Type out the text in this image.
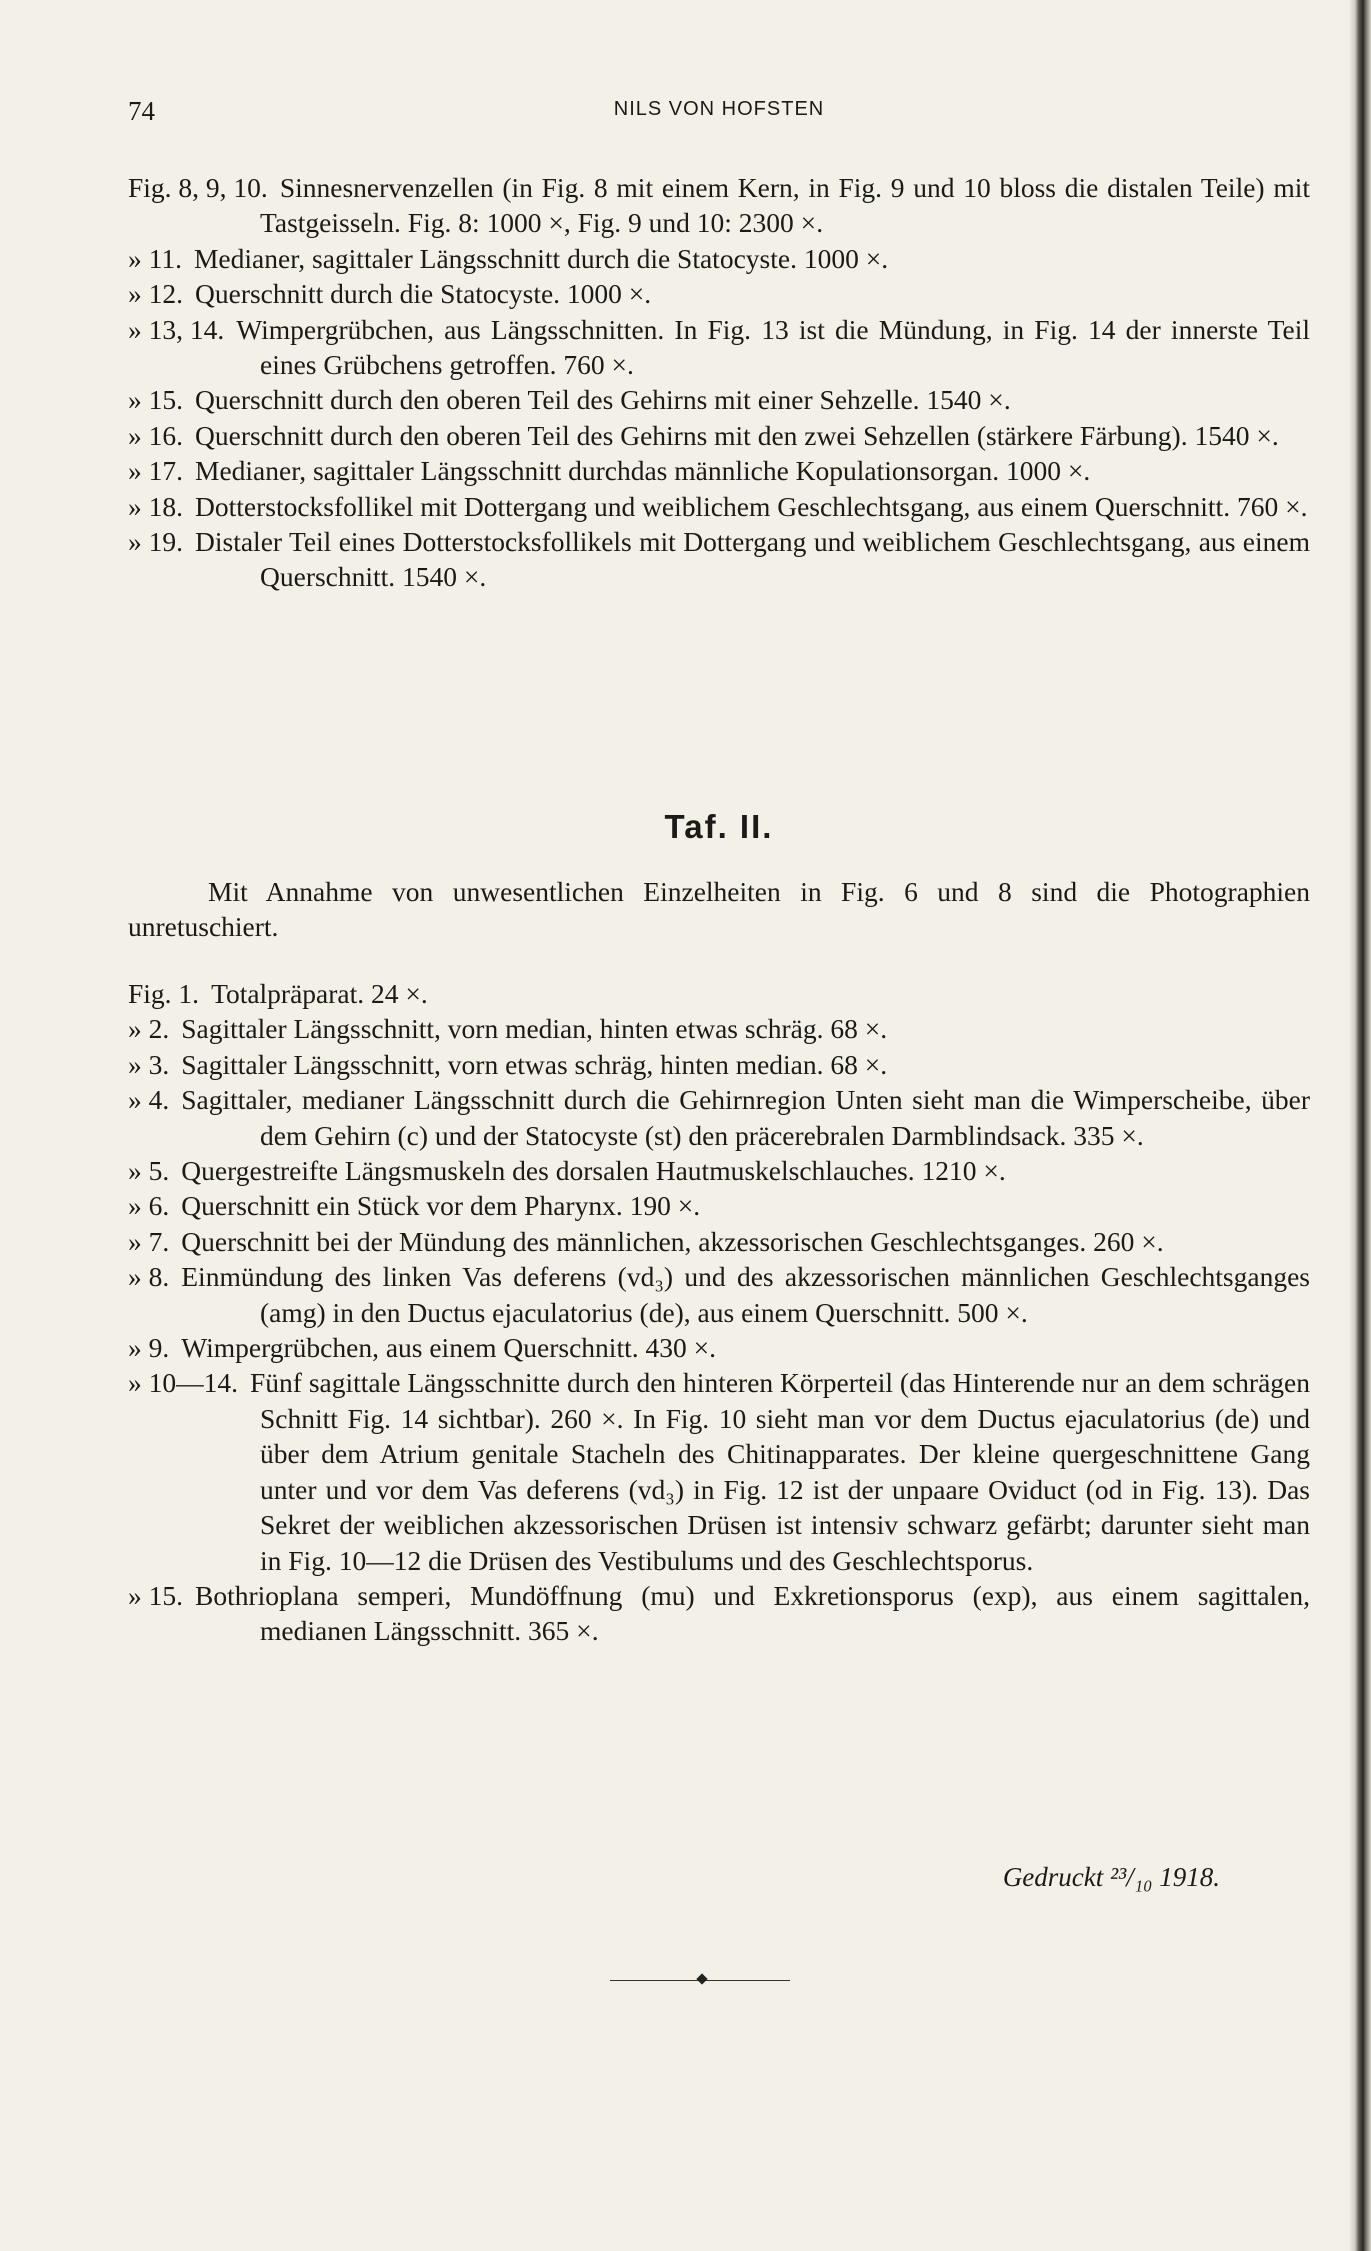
74	NILS VON HOFSTEN
Fig. 8, 9, 10. Sinnesnervenzellen (in Fig. 8 mit einem Kern, in Fig. 9 und 10 bloss die distalen Teile) mit Tastgeisseln. Fig. 8: 1000 ×, Fig. 9 und 10: 2300 ×.
» 11. Medianer, sagittaler Längsschnitt durch die Statocyste. 1000 ×.
» 12. Querschnitt durch die Statocyste. 1000 ×.
» 13, 14. Wimpergrübchen, aus Längsschnitten. In Fig. 13 ist die Mündung, in Fig. 14 der innerste Teil eines Grübchens getroffen. 760 ×.
» 15. Querschnitt durch den oberen Teil des Gehirns mit einer Sehzelle. 1540 ×.
» 16. Querschnitt durch den oberen Teil des Gehirns mit den zwei Sehzellen (stärkere Färbung). 1540 ×.
» 17. Medianer, sagittaler Längsschnitt durchdas männliche Kopulationsorgan. 1000 ×.
» 18. Dotterstocksfollikel mit Dottergang und weiblichem Geschlechtsgang, aus einem Querschnitt. 760 ×.
» 19. Distaler Teil eines Dotterstocksfollikels mit Dottergang und weiblichem Geschlechtsgang, aus einem Querschnitt. 1540 ×.
Taf. II.
Mit Annahme von unwesentlichen Einzelheiten in Fig. 6 und 8 sind die Photographien unretuschiert.
Fig. 1. Totalpräparat. 24 ×.
» 2. Sagittaler Längsschnitt, vorn median, hinten etwas schräg. 68 ×.
» 3. Sagittaler Längsschnitt, vorn etwas schräg, hinten median. 68 ×.
» 4. Sagittaler, medianer Längsschnitt durch die Gehirnregion Unten sieht man die Wimperscheibe, über dem Gehirn (c) und der Statocyste (st) den präcerebralen Darmblindsack. 335 ×.
» 5. Quergestreifte Längsmuskeln des dorsalen Hautmuskelschlauches. 1210 ×.
» 6. Querschnitt ein Stück vor dem Pharynx. 190 ×.
» 7. Querschnitt bei der Mündung des männlichen, akzessorischen Geschlechtsganges. 260 ×.
» 8. Einmündung des linken Vas deferens (vd₃) und des akzessorischen männlichen Geschlechtsganges (amg) in den Ductus ejaculatorius (de), aus einem Querschnitt. 500 ×.
» 9. Wimpergrübchen, aus einem Querschnitt. 430 ×.
» 10—14. Fünf sagittale Längsschnitte durch den hinteren Körperteil (das Hinterende nur an dem schrägen Schnitt Fig. 14 sichtbar). 260 ×. In Fig. 10 sieht man vor dem Ductus ejaculatorius (de) und über dem Atrium genitale Stacheln des Chitinapparates. Der kleine quergeschnittene Gang unter und vor dem Vas deferens (vd₃) in Fig. 12 ist der unpaare Oviduct (od in Fig. 13). Das Sekret der weiblichen akzessorischen Drüsen ist intensiv schwarz gefärbt; darunter sieht man in Fig. 10—12 die Drüsen des Vestibulums und des Geschlechtsporus.
» 15. Bothrioplana semperi, Mundöffnung (mu) und Exkretionsporus (exp), aus einem sagittalen, medianen Längsschnitt. 365 ×.
Gedruckt ²³/₁₀ 1918.
